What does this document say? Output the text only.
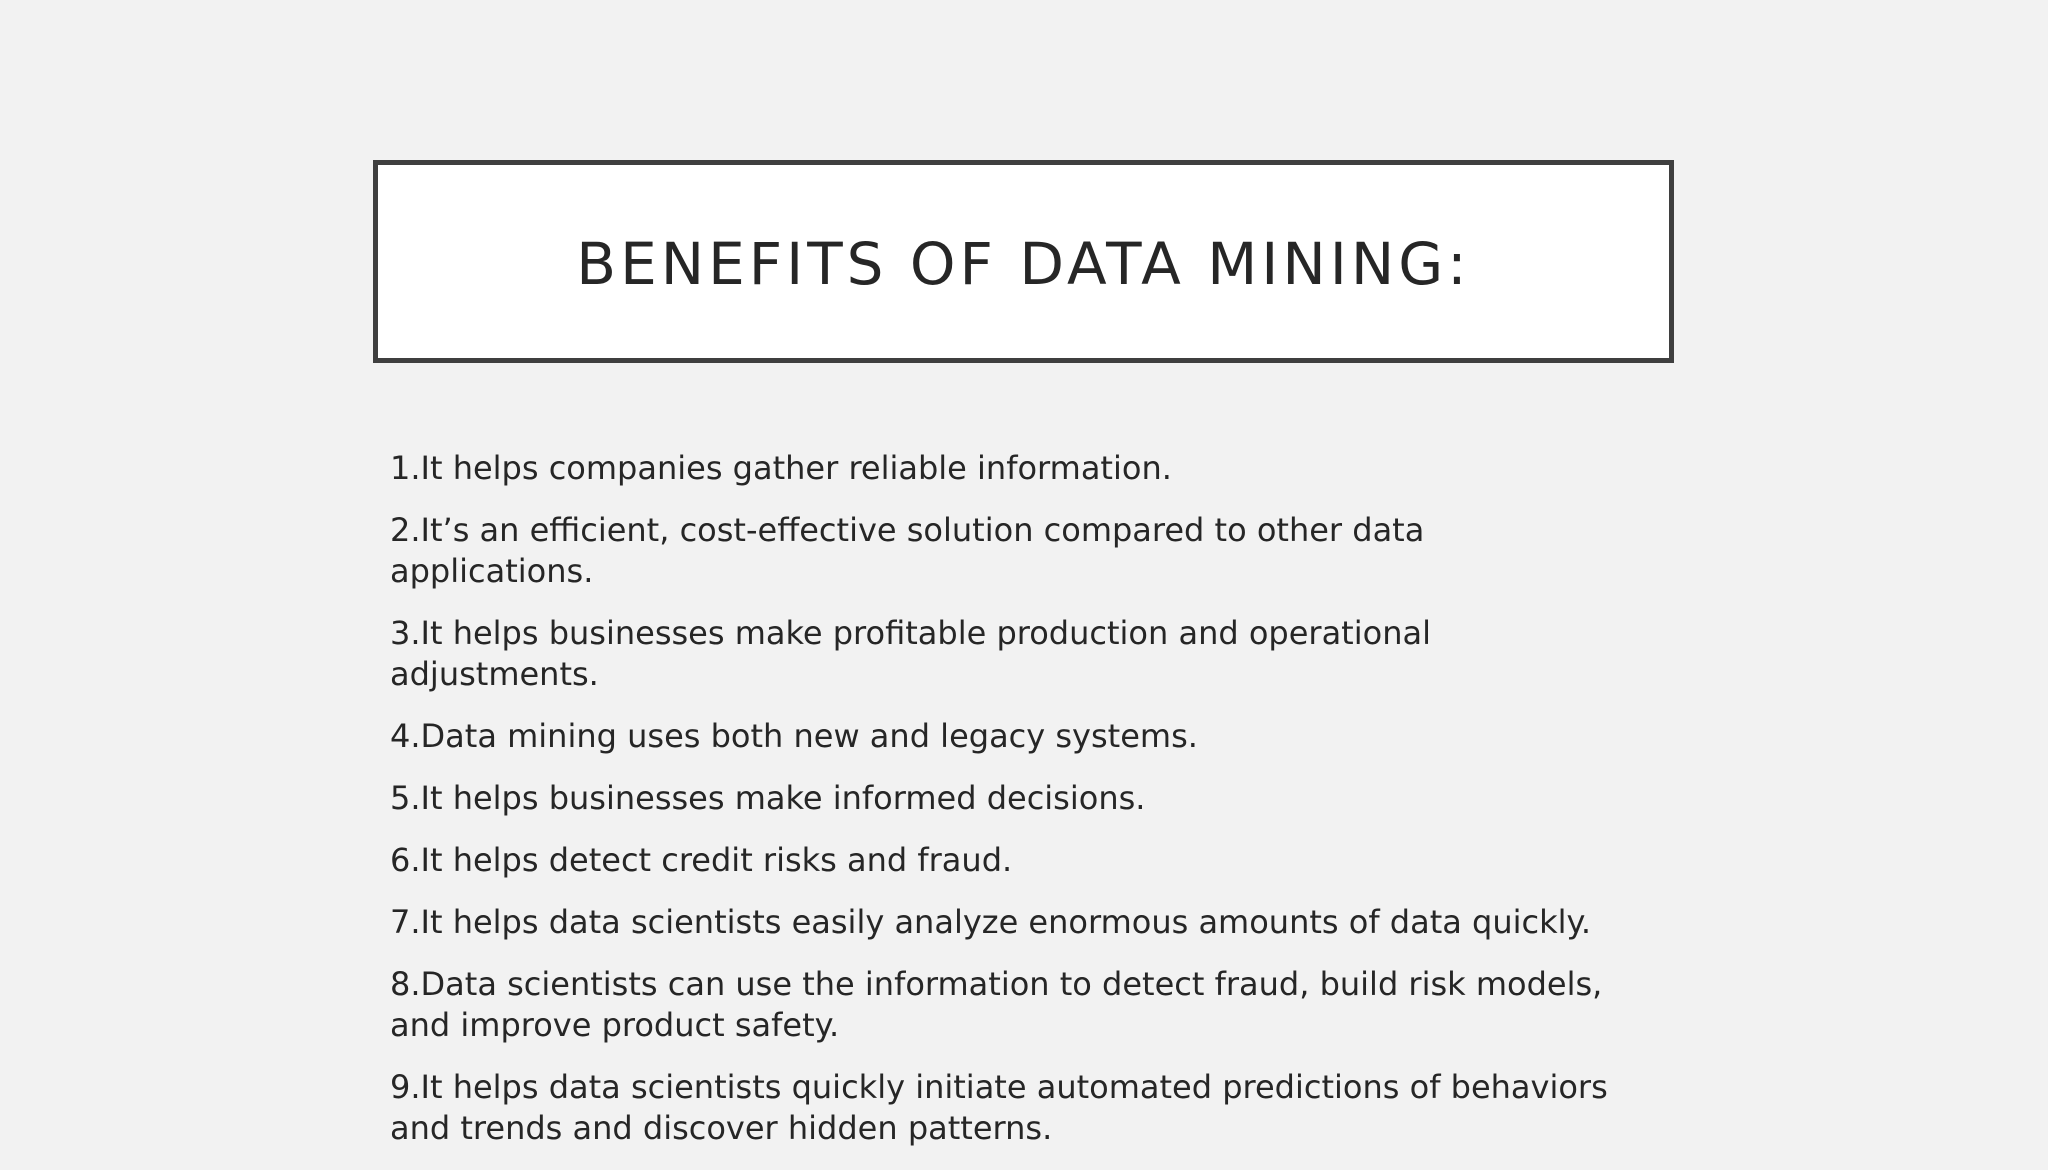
BENEFITS OF DATA MINING:

1.It helps companies gather reliable information.

2.It’s an efficient, cost-effective solution compared to other data applications.

3.It helps businesses make profitable production and operational adjustments.

4.Data mining uses both new and legacy systems.

5.It helps businesses make informed decisions.

6.It helps detect credit risks and fraud.

7.It helps data scientists easily analyze enormous amounts of data quickly.

8.Data scientists can use the information to detect fraud, build risk models, and improve product safety.

9.It helps data scientists quickly initiate automated predictions of behaviors and trends and discover hidden patterns.
